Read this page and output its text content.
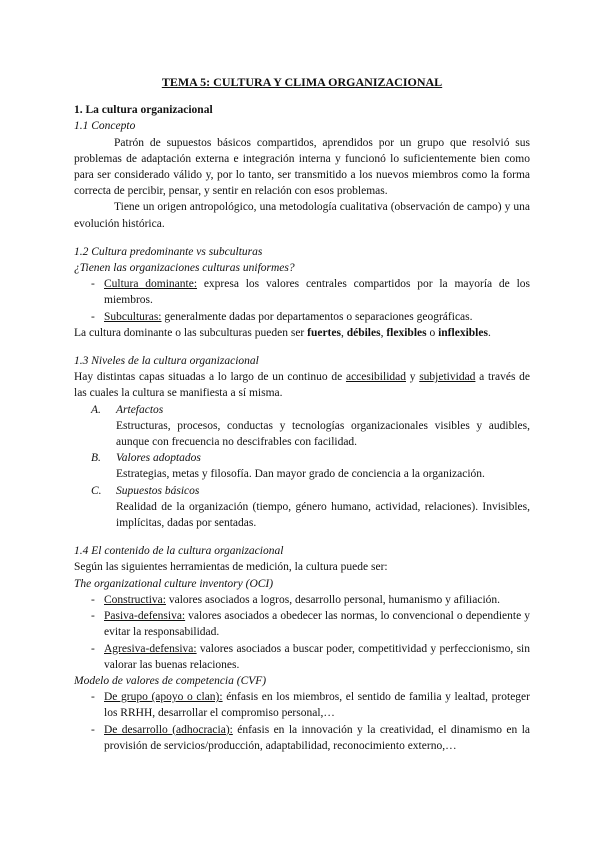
TEMA 5: CULTURA Y CLIMA ORGANIZACIONAL

1. La cultura organizacional

1.1 Concepto

Patrón de supuestos básicos compartidos, aprendidos por un grupo que resolvió sus problemas de adaptación externa e integración interna y funcionó lo suficientemente bien como para ser considerado válido y, por lo tanto, ser transmitido a los nuevos miembros como la forma correcta de percibir, pensar, y sentir en relación con esos problemas.

Tiene un origen antropológico, una metodología cualitativa (observación de campo) y una evolución histórica.

1.2 Cultura predominante vs subculturas

¿Tienen las organizaciones culturas uniformes?

- Cultura dominante: expresa los valores centrales compartidos por la mayoría de los miembros.
- Subculturas: generalmente dadas por departamentos o separaciones geográficas.

La cultura dominante o las subculturas pueden ser fuertes, débiles, flexibles o inflexibles.

1.3 Niveles de la cultura organizacional

Hay distintas capas situadas a lo largo de un continuo de accesibilidad y subjetividad a través de las cuales la cultura se manifiesta a sí misma.

A. Artefactos
Estructuras, procesos, conductas y tecnologías organizacionales visibles y audibles, aunque con frecuencia no descifrables con facilidad.
B. Valores adoptados
Estrategias, metas y filosofía. Dan mayor grado de conciencia a la organización.
C. Supuestos básicos
Realidad de la organización (tiempo, género humano, actividad, relaciones). Invisibles, implícitas, dadas por sentadas.

1.4 El contenido de la cultura organizacional

Según las siguientes herramientas de medición, la cultura puede ser:

The organizational culture inventory (OCI)

- Constructiva: valores asociados a logros, desarrollo personal, humanismo y afiliación.
- Pasiva-defensiva: valores asociados a obedecer las normas, lo convencional o dependiente y evitar la responsabilidad.
- Agresiva-defensiva: valores asociados a buscar poder, competitividad y perfeccionismo, sin valorar las buenas relaciones.

Modelo de valores de competencia (CVF)

- De grupo (apoyo o clan): énfasis en los miembros, el sentido de familia y lealtad, proteger los RRHH, desarrollar el compromiso personal,…
- De desarrollo (adhocracia): énfasis en la innovación y la creatividad, el dinamismo en la provisión de servicios/producción, adaptabilidad, reconocimiento externo,…
